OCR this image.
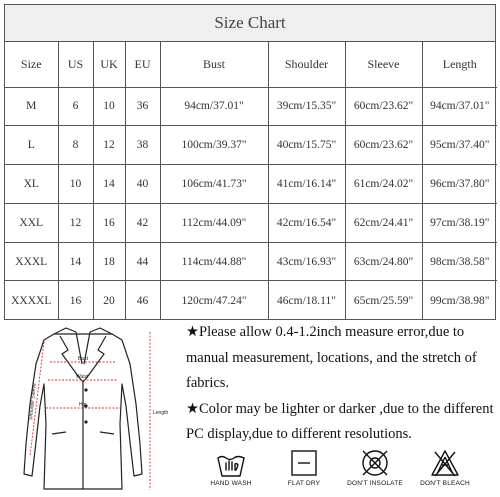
Size Chart
Size	US	UK	EU	Bust	Shoulder	Sleeve	Length
M	6	10	36	94cm/37.01"	39cm/15.35"	60cm/23.62"	94cm/37.01"
L	8	12	38	100cm/39.37"	40cm/15.75"	60cm/23.62"	95cm/37.40"
XL	10	14	40	106cm/41.73"	41cm/16.14"	61cm/24.02"	96cm/37.80"
XXL	12	16	42	112cm/44.09"	42cm/16.54"	62cm/24.41"	97cm/38.19"
XXXL	14	18	44	114cm/44.88"	43cm/16.93"	63cm/24.80"	98cm/38.58"
XXXXL	16	20	46	120cm/47.24"	46cm/18.11"	65cm/25.59"	99cm/38.98"
Bust
Waist
Hip
Shoulder Sleeve	Length

★Please allow 0.4-1.2inch measure error,due to manual measurement, locations, and the stretch of fabrics.

★Color may be lighter or darker ,due to the different PC display,due to different resolutions.

HAND WASH	FLAT DRY	DON'T INSOLATE	DON'T BLEACH
